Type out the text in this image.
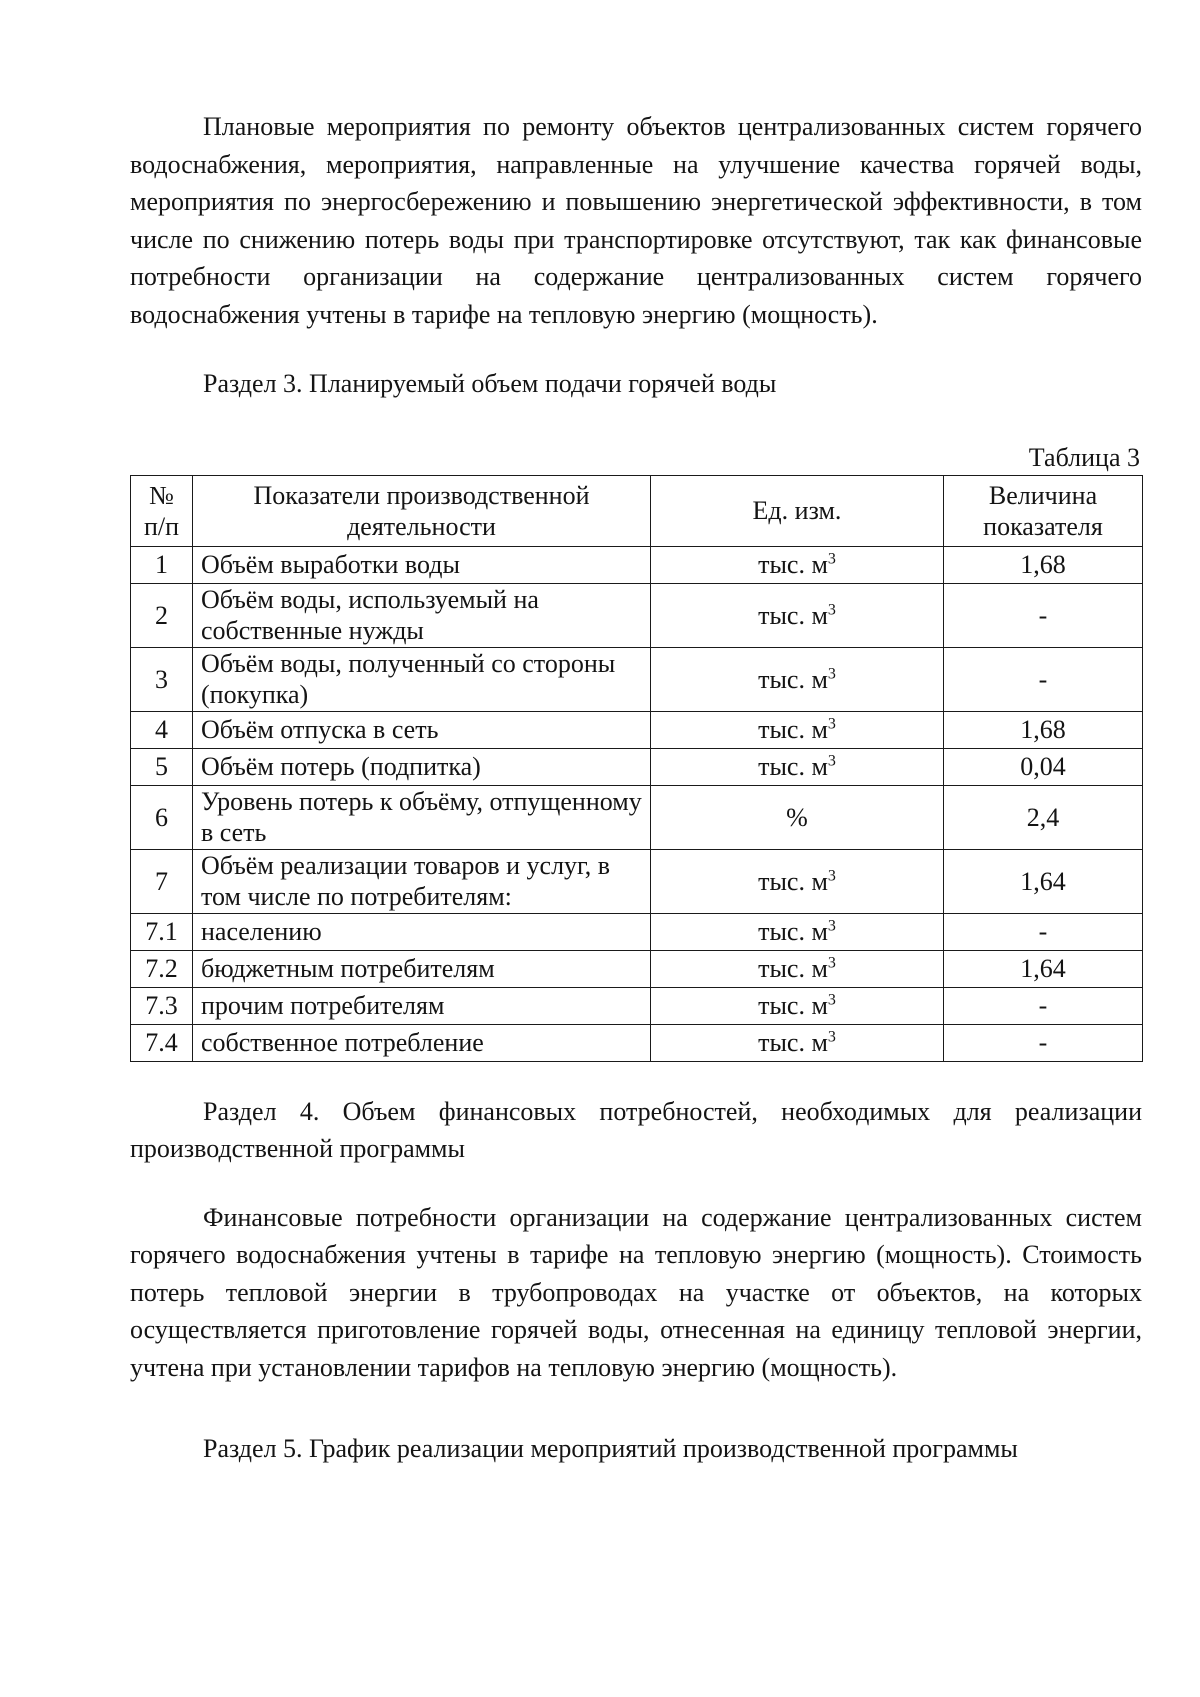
Плановые мероприятия по ремонту объектов централизованных систем горячего водоснабжения, мероприятия, направленные на улучшение качества горячей воды, мероприятия по энергосбережению и повышению энергетической эффективности, в том числе по снижению потерь воды при транспортировке отсутствуют, так как финансовые потребности организации на содержание централизованных систем горячего водоснабжения учтены в тарифе на тепловую энергию (мощность).

Раздел 3. Планируемый объем подачи горячей воды

Таблица 3

№ п/п	Показатели производственной деятельности	Ед. изм.	Величина показателя
1	Объём выработки воды	тыс. $м^3$	1,68
2	Объём воды, используемый на собственные нужды	тыс. $м^3$	-
3	Объём воды, полученный со стороны (покупка)	тыс. $м^3$	-
4	Объём отпуска в сеть	тыс. $м^3$	1,68
5	Объём потерь (подпитка)	тыс. $м^3$	0,04
6	Уровень потерь к объёму, отпущенному в сеть	%	2,4
7	Объём реализации товаров и услуг, в том числе по потребителям:	тыс. $м^3$	1,64
7.1	населению	тыс. $м^3$	-
7.2	бюджетным потребителям	тыс. $м^3$	1,64
7.3	прочим потребителям	тыс. $м^3$	-
7.4	собственное потребление	тыс. $м^3$	-

Раздел 4. Объем финансовых потребностей, необходимых для реализации производственной программы

Финансовые потребности организации на содержание централизованных систем горячего водоснабжения учтены в тарифе на тепловую энергию (мощность). Стоимость потерь тепловой энергии в трубопроводах на участке от объектов, на которых осуществляется приготовление горячей воды, отнесенная на единицу тепловой энергии, учтена при установлении тарифов на тепловую энергию (мощность).

Раздел 5. График реализации мероприятий производственной программы
